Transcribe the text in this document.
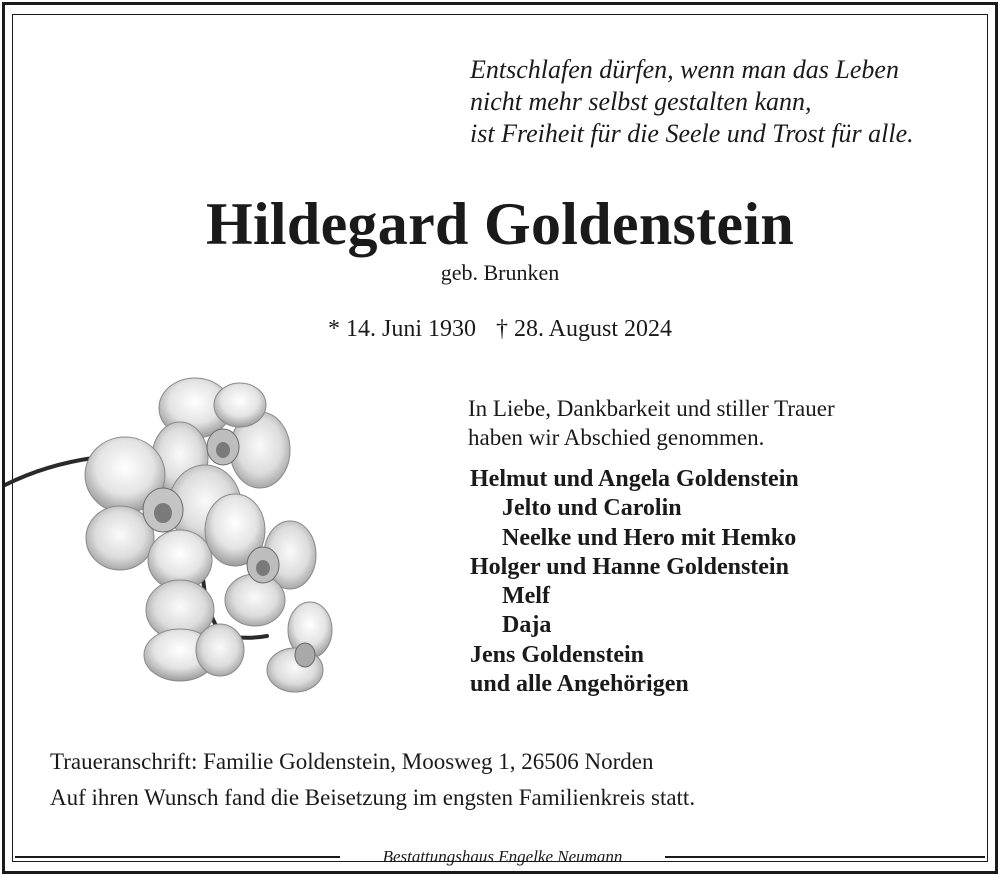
Entschlafen dürfen, wenn man das Leben
nicht mehr selbst gestalten kann,
ist Freiheit für die Seele und Trost für alle.
Hildegard Goldenstein
geb. Brunken
* 14. Juni 1930 † 28. August 2024
In Liebe, Dankbarkeit und stiller Trauer
haben wir Abschied genommen.
Helmut und Angela Goldenstein
Jelto und Carolin
Neelke und Hero mit Hemko
Holger und Hanne Goldenstein
Melf
Daja
Jens Goldenstein
und alle Angehörigen
Traueranschrift: Familie Goldenstein, Moosweg 1, 26506 Norden
Auf ihren Wunsch fand die Beisetzung im engsten Familienkreis statt.
Bestattungshaus Engelke Neumann
